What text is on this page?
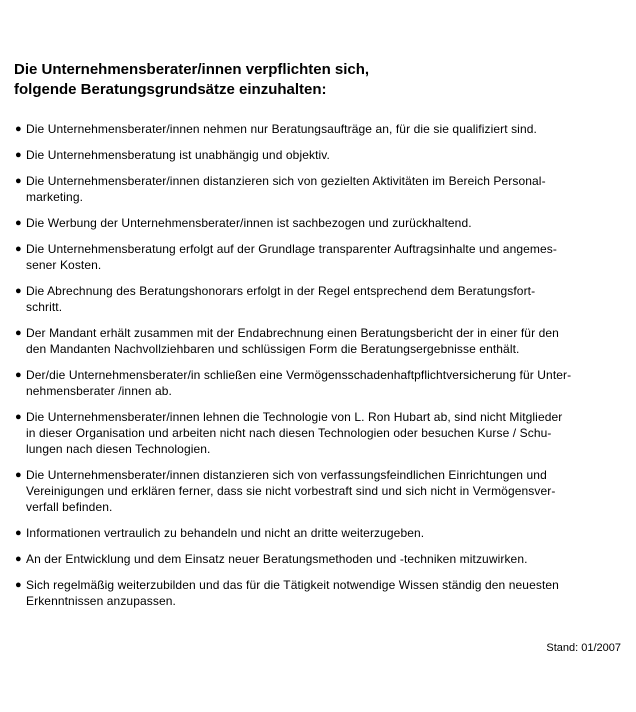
Die Unternehmensberater/innen verpflichten sich,
folgende Beratungsgrundsätze einzuhalten:
● Die Unternehmensberater/innen nehmen nur Beratungsaufträge an, für die sie qualifiziert sind.
● Die Unternehmensberatung ist unabhängig und objektiv.
● Die Unternehmensberater/innen distanzieren sich von gezielten Aktivitäten im Bereich Personal-
marketing.
● Die Werbung der Unternehmensberater/innen ist sachbezogen und zurückhaltend.
● Die Unternehmensberatung erfolgt auf der Grundlage transparenter Auftragsinhalte und angemes-
sener Kosten.
● Die Abrechnung des Beratungshonorars erfolgt in der Regel entsprechend dem Beratungsfort-
schritt.
● Der Mandant erhält zusammen mit der Endabrechnung einen Beratungsbericht der in einer für den
den Mandanten Nachvollziehbaren und schlüssigen Form die Beratungsergebnisse enthält.
● Der/die Unternehmensberater/in schließen eine Vermögensschadenhaftpflichtversicherung für Unter-
nehmensberater /innen ab.
● Die Unternehmensberater/innen lehnen die Technologie von L. Ron Hubart ab, sind nicht Mitglieder
in dieser Organisation und arbeiten nicht nach diesen Technologien oder besuchen Kurse / Schu-
lungen nach diesen Technologien.
● Die Unternehmensberater/innen distanzieren sich von verfassungsfeindlichen Einrichtungen und
Vereinigungen und erklären ferner, dass sie nicht vorbestraft sind und sich nicht in Vermögensver-
verfall befinden.
● Informationen vertraulich zu behandeln und nicht an dritte weiterzugeben.
● An der Entwicklung und dem Einsatz neuer Beratungsmethoden und -techniken mitzuwirken.
● Sich regelmäßig weiterzubilden und das für die Tätigkeit notwendige Wissen ständig den neuesten
Erkenntnissen anzupassen.
Stand: 01/2007
